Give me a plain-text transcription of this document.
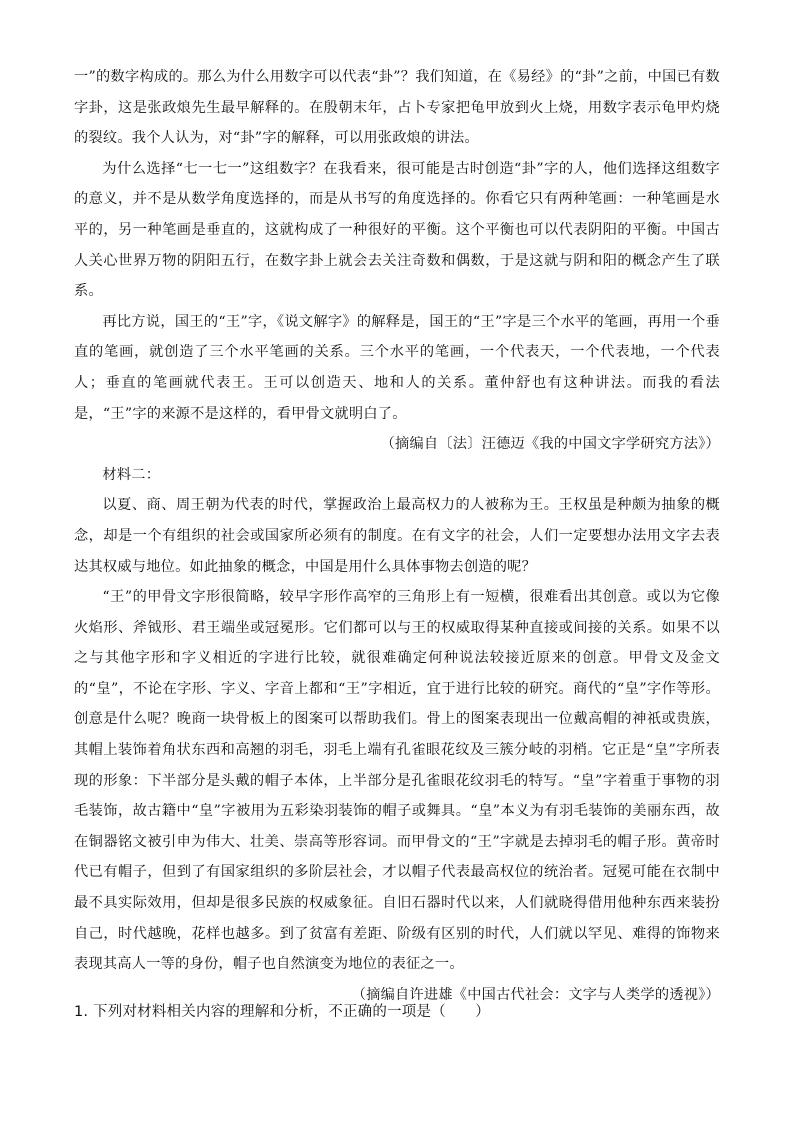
一”的数字构成的。那么为什么用数字可以代表“卦”？我们知道，在《易经》的“卦”之前，中国已有数字卦，这是张政烺先生最早解释的。在殷朝末年，占卜专家把龟甲放到火上烧，用数字表示龟甲灼烧的裂纹。我个人认为，对“卦”字的解释，可以用张政烺的讲法。

为什么选择“七一七一”这组数字？在我看来，很可能是古时创造“卦”字的人，他们选择这组数字的意义，并不是从数学角度选择的，而是从书写的角度选择的。你看它只有两种笔画：一种笔画是水平的，另一种笔画是垂直的，这就构成了一种很好的平衡。这个平衡也可以代表阴阳的平衡。中国古人关心世界万物的阴阳五行，在数字卦上就会去关注奇数和偶数，于是这就与阴和阳的概念产生了联系。

再比方说，国王的“王”字，《说文解字》的解释是，国王的“王”字是三个水平的笔画，再用一个垂直的笔画，就创造了三个水平笔画的关系。三个水平的笔画，一个代表天，一个代表地，一个代表人；垂直的笔画就代表王。王可以创造天、地和人的关系。董仲舒也有这种讲法。而我的看法是，“王”字的来源不是这样的，看甲骨文就明白了。

（摘编自〔法〕汪德迈《我的中国文字学研究方法》）

材料二：

以夏、商、周王朝为代表的时代，掌握政治上最高权力的人被称为王。王权虽是种颇为抽象的概念，却是一个有组织的社会或国家所必须有的制度。在有文字的社会，人们一定要想办法用文字去表达其权威与地位。如此抽象的概念，中国是用什么具体事物去创造的呢？

“王”的甲骨文字形很简略，较早字形作高窄的三角形上有一短横，很难看出其创意。或以为它像火焰形、斧钺形、君王端坐或冠冕形。它们都可以与王的权威取得某种直接或间接的关系。如果不以之与其他字形和字义相近的字进行比较，就很难确定何种说法较接近原来的创意。甲骨文及金文的“皇”，不论在字形、字义、字音上都和“王”字相近，宜于进行比较的研究。商代的“皇”字作等形。创意是什么呢？晚商一块骨板上的图案可以帮助我们。骨上的图案表现出一位戴高帽的神祇或贵族，其帽上装饰着角状东西和高翘的羽毛，羽毛上端有孔雀眼花纹及三簇分岐的羽梢。它正是“皇”字所表现的形象：下半部分是头戴的帽子本体，上半部分是孔雀眼花纹羽毛的特写。“皇”字着重于事物的羽毛装饰，故古籍中“皇”字被用为五彩染羽装饰的帽子或舞具。“皇”本义为有羽毛装饰的美丽东西，故在铜器铭文被引申为伟大、壮美、崇高等形容词。而甲骨文的“王”字就是去掉羽毛的帽子形。黄帝时代已有帽子，但到了有国家组织的多阶层社会，才以帽子代表最高权位的统治者。冠冕可能在衣制中最不具实际效用，但却是很多民族的权威象征。自旧石器时代以来，人们就晓得借用他种东西来装扮自己，时代越晚，花样也越多。到了贫富有差距、阶级有区别的时代，人们就以罕见、难得的饰物来表现其高人一等的身份，帽子也自然演变为地位的表征之一。

（摘编自许进雄《中国古代社会：文字与人类学的透视》）

1. 下列对材料相关内容的理解和分析，不正确的一项是（　　）
